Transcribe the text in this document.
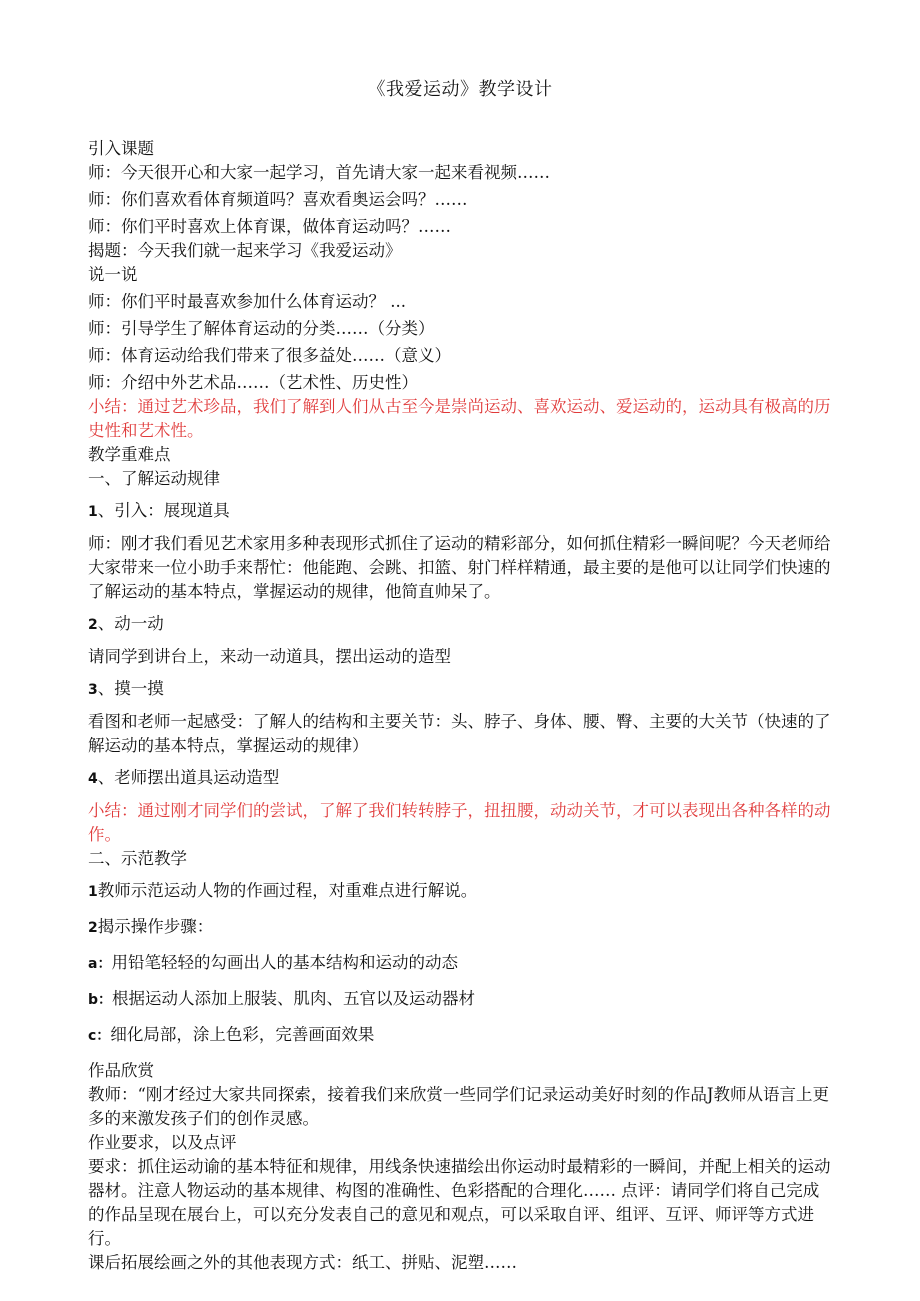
《我爱运动》教学设计
引入课题
师：今天很开心和大家一起学习，首先请大家一起来看视频……
师：你们喜欢看体育频道吗？喜欢看奥运会吗？……
师：你们平时喜欢上体育课，做体育运动吗？……
揭题：今天我们就一起来学习《我爱运动》
说一说
师：你们平时最喜欢参加什么体育运动？ ...
师：引导学生了解体育运动的分类……（分类）
师：体育运动给我们带来了很多益处……（意义）
师：介绍中外艺术品……（艺术性、历史性）
小结：通过艺术珍品，我们了解到人们从古至今是崇尚运动、喜欢运动、爱运动的，运动具有极高的历史性和艺术性。
教学重难点
一、了解运动规律
1、引入：展现道具
师：刚才我们看见艺术家用多种表现形式抓住了运动的精彩部分，如何抓住精彩一瞬间呢？今天老师给大家带来一位小助手来帮忙：他能跑、会跳、扣篮、射门样样精通，最主要的是他可以让同学们快速的了解运动的基本特点，掌握运动的规律，他简直帅呆了。
2、动一动
请同学到讲台上，来动一动道具，摆出运动的造型
3、摸一摸
看图和老师一起感受：了解人的结构和主要关节：头、脖子、身体、腰、臀、主要的大关节（快速的了解运动的基本特点，掌握运动的规律）
4、老师摆出道具运动造型
小结：通过刚才同学们的尝试，了解了我们转转脖子，扭扭腰，动动关节，才可以表现出各种各样的动作。
二、示范教学
1教师示范运动人物的作画过程，对重难点进行解说。
2揭示操作步骤：
a：用铅笔轻轻的勾画出人的基本结构和运动的动态
b：根据运动人添加上服装、肌肉、五官以及运动器材
c：细化局部，涂上色彩，完善画面效果
作品欣赏
教师：“刚才经过大家共同探索，接着我们来欣赏一些同学们记录运动美好时刻的作品J教师从语言上更多的来激发孩子们的创作灵感。
作业要求，以及点评
要求：抓住运动谕的基本特征和规律，用线条快速描绘出你运动时最精彩的一瞬间，并配上相关的运动器材。注意人物运动的基本规律、构图的准确性、色彩搭配的合理化…… 点评：请同学们将自己完成的作品呈现在展台上，可以充分发表自己的意见和观点，可以采取自评、组评、互评、师评等方式进行。
课后拓展绘画之外的其他表现方式：纸工、拼贴、泥塑……
